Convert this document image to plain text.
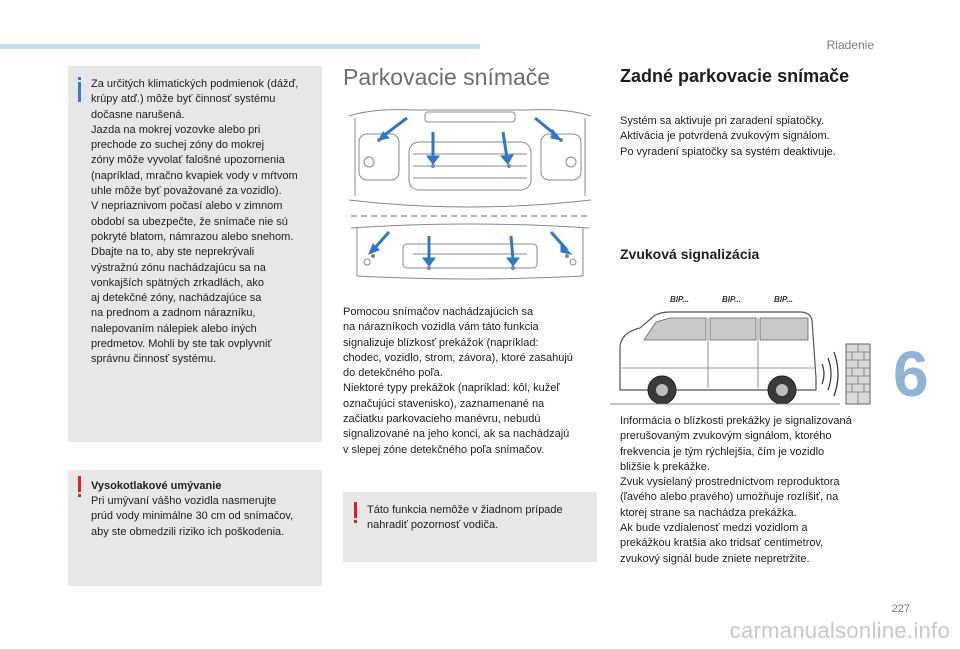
Riadenie
6
Za určitých klimatických podmienok (dážď,
krúpy atď.) môže byť činnosť systému
dočasne narušená.
Jazda na mokrej vozovke alebo pri
prechode zo suchej zóny do mokrej
zóny môže vyvolať falošné upozornenia
(napríklad, mračno kvapiek vody v mŕtvom
uhle môže byť považované za vozidlo).
V nepriaznivom počasí alebo v zimnom
období sa ubezpečte, že snímače nie sú
pokryté blatom, námrazou alebo snehom.
Dbajte na to, aby ste neprekrývali
výstražnú zónu nachádzajúcu sa na
vonkajších spätných zrkadlách, ako
aj detekčné zóny, nachádzajúce sa
na prednom a zadnom nárazníku,
nalepovaním nálepiek alebo iných
predmetov. Mohli by ste tak ovplyvniť
správnu činnosť systému.
Vysokotlakové umývanie
Pri umývaní vášho vozidla nasmerujte
prúd vody minimálne 30 cm od snímačov,
aby ste obmedzili riziko ich poškodenia.
Parkovacie snímače
Pomocou snímačov nachádzajúcich sa
na nárazníkoch vozidla vám táto funkcia
signalizuje blízkosť prekážok (napríklad:
chodec, vozidlo, strom, závora), ktoré zasahujú
do detekčného poľa.
Niektoré typy prekážok (napríklad: kôl, kužeľ
označujúci stavenisko), zaznamenané na
začiatku parkovacieho manévru, nebudú
signalizované na jeho konci, ak sa nachádzajú
v slepej zóne detekčného poľa snímačov.
Táto funkcia nemôže v žiadnom prípade
nahradiť pozornosť vodiča.
Zadné parkovacie snímače
Systém sa aktivuje pri zaradení spiatočky.
Aktivácia je potvrdená zvukovým signálom.
Po vyradení spiatočky sa systém deaktivuje.
Zvuková signalizácia
BIP...	BIP...	BIP...
Informácia o blízkosti prekážky je signalizovaná
prerušovaným zvukovým signálom, ktorého
frekvencia je tým rýchlejšia, čím je vozidlo
bližšie k prekážke.
Zvuk vysielaný prostredníctvom reproduktora
(ľavého alebo pravého) umožňuje rozlíšiť, na
ktorej strane sa nachádza prekážka.
Ak bude vzdialenosť medzi vozidlom a
prekážkou kratšia ako tridsať centimetrov,
zvukový signál bude zniete nepretržite.
227
carmanualsonline.info
